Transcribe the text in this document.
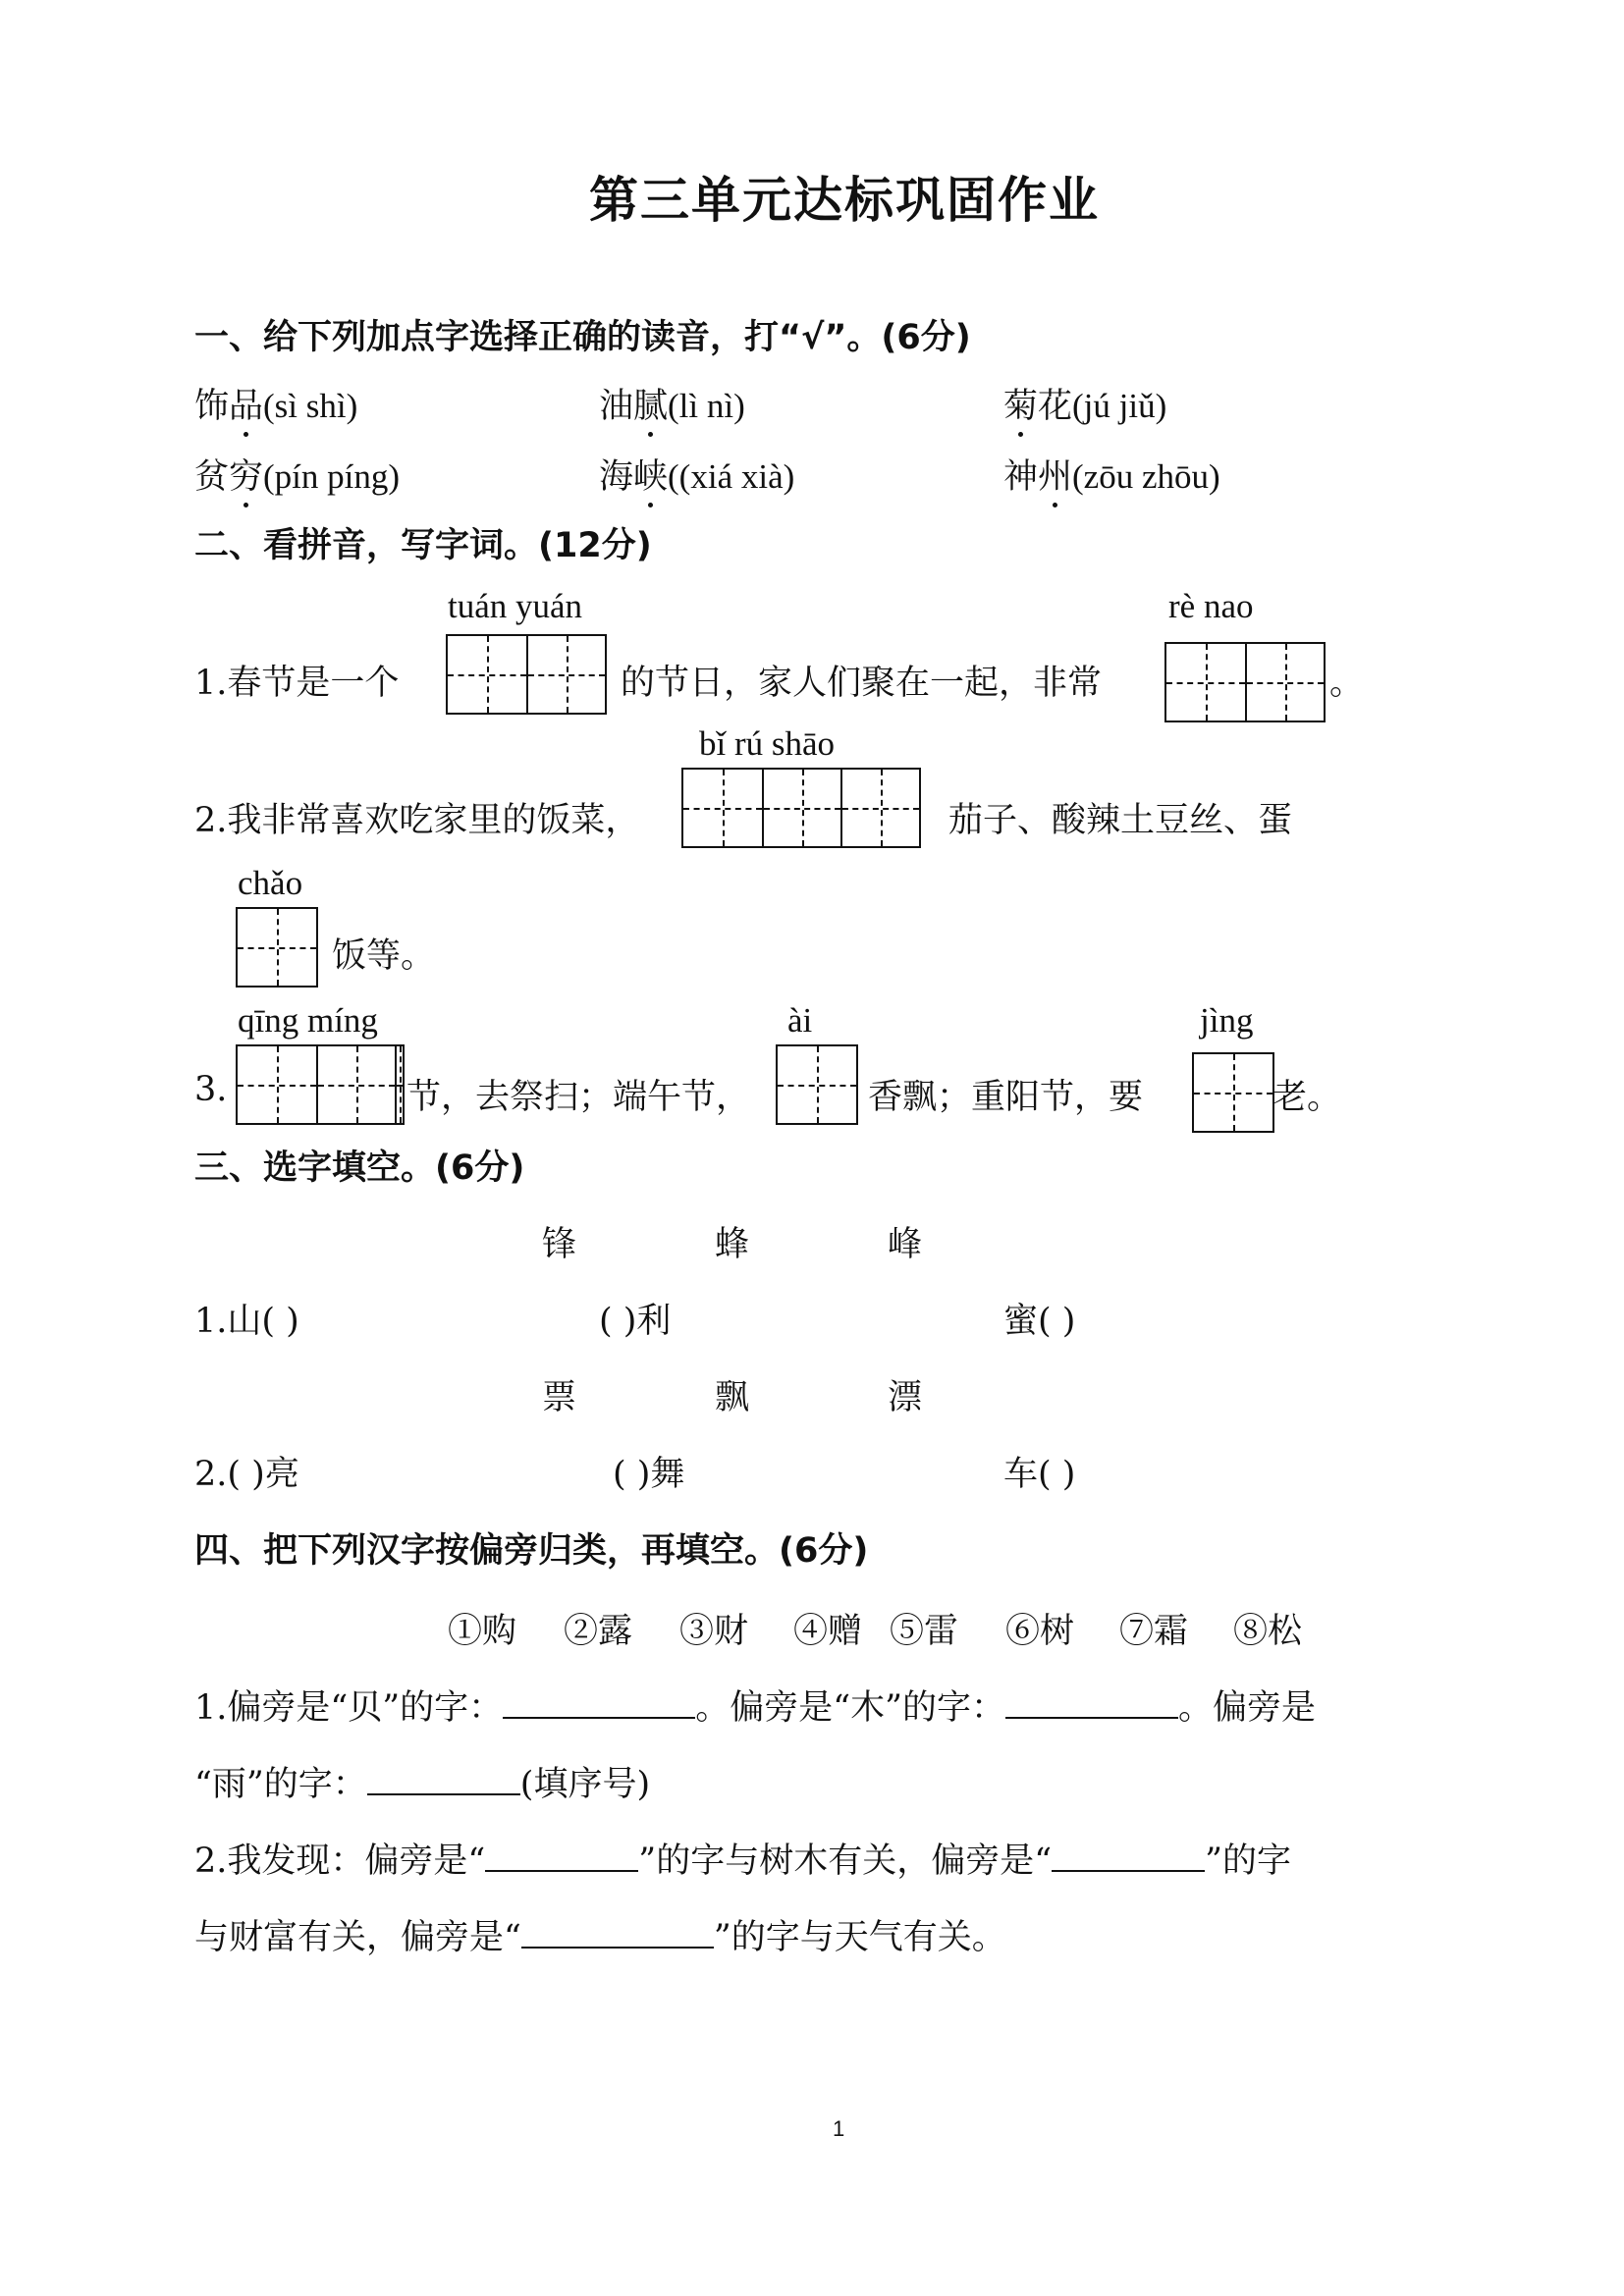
第三单元达标巩固作业
一、给下列加点字选择正确的读音，打“√”。(6分)
饰品(sì shì)	油腻(lì nì)	菊花(jú jiǔ)
贫穷(pín píng)	海峡((xiá xià)	神州(zōu zhōu)
二、看拼音，写字词。(12分)
tuán yuán	rè nao
1.春节是一个	的节日，家人们聚在一起，非常	。
bǐ rú shāo
2.我非常喜欢吃家里的饭菜，	茄子、酸辣土豆丝、蛋
chǎo
饭等。
qīng míng	ài	jìng
3.	节，去祭扫；端午节，	香飘；重阳节，要	老。
三、选字填空。(6分)
锋	蜂	峰
1.山( )	( )利	蜜( )
票	飘	漂
2.( )亮	( )舞	车( )
四、把下列汉字按偏旁归类，再填空。(6分)
①购 ②露 ③财 ④赠 ⑤雷 ⑥树 ⑦霜 ⑧松
1.偏旁是“贝”的字：	。偏旁是“木”的字：	。偏旁是
“雨”的字：	(填序号)
2.我发现：偏旁是“	”的字与树木有关，偏旁是“	”的字
与财富有关，偏旁是“	”的字与天气有关。
1
